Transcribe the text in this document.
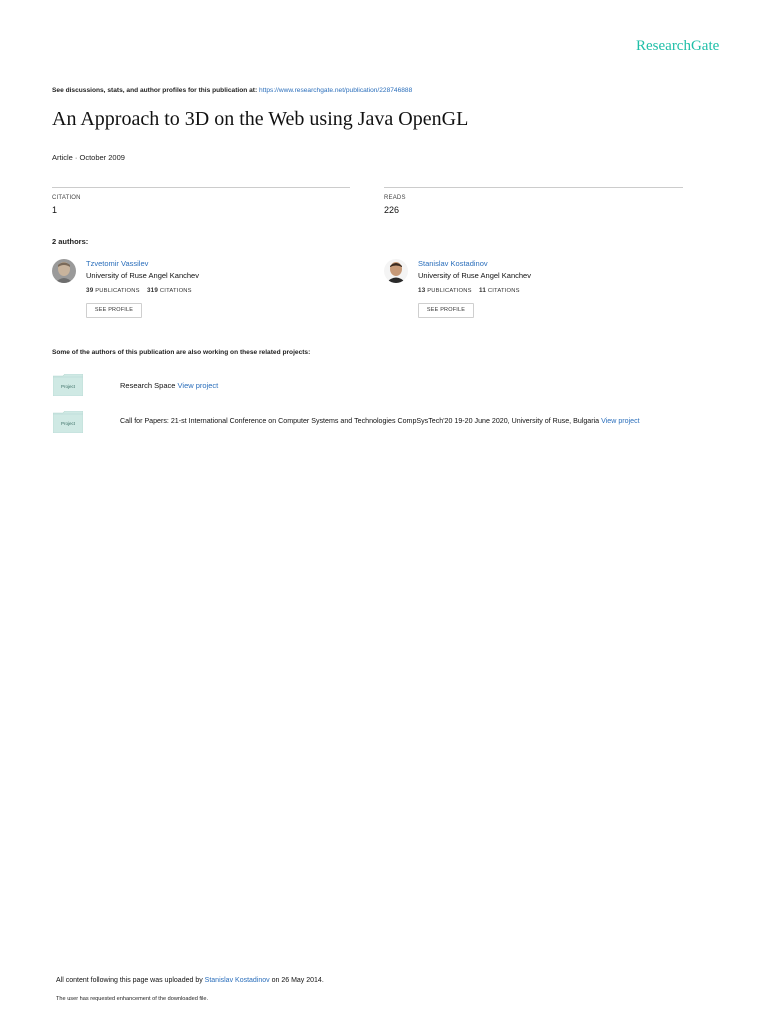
ResearchGate
See discussions, stats, and author profiles for this publication at: https://www.researchgate.net/publication/228746888
An Approach to 3D on the Web using Java OpenGL
Article · October 2009
CITATION
1
READS
226
2 authors:
Tzvetomir Vassilev
University of Ruse Angel Kanchev
39 PUBLICATIONS 319 CITATIONS
SEE PROFILE
Stanislav Kostadinov
University of Ruse Angel Kanchev
13 PUBLICATIONS 11 CITATIONS
SEE PROFILE
Some of the authors of this publication are also working on these related projects:
Project	Research Space View project
Project	Call for Papers: 21-st International Conference on Computer Systems and Technologies CompSysTech'20 19-20 June 2020, University of Ruse, Bulgaria View project
All content following this page was uploaded by Stanislav Kostadinov on 26 May 2014.
The user has requested enhancement of the downloaded file.
